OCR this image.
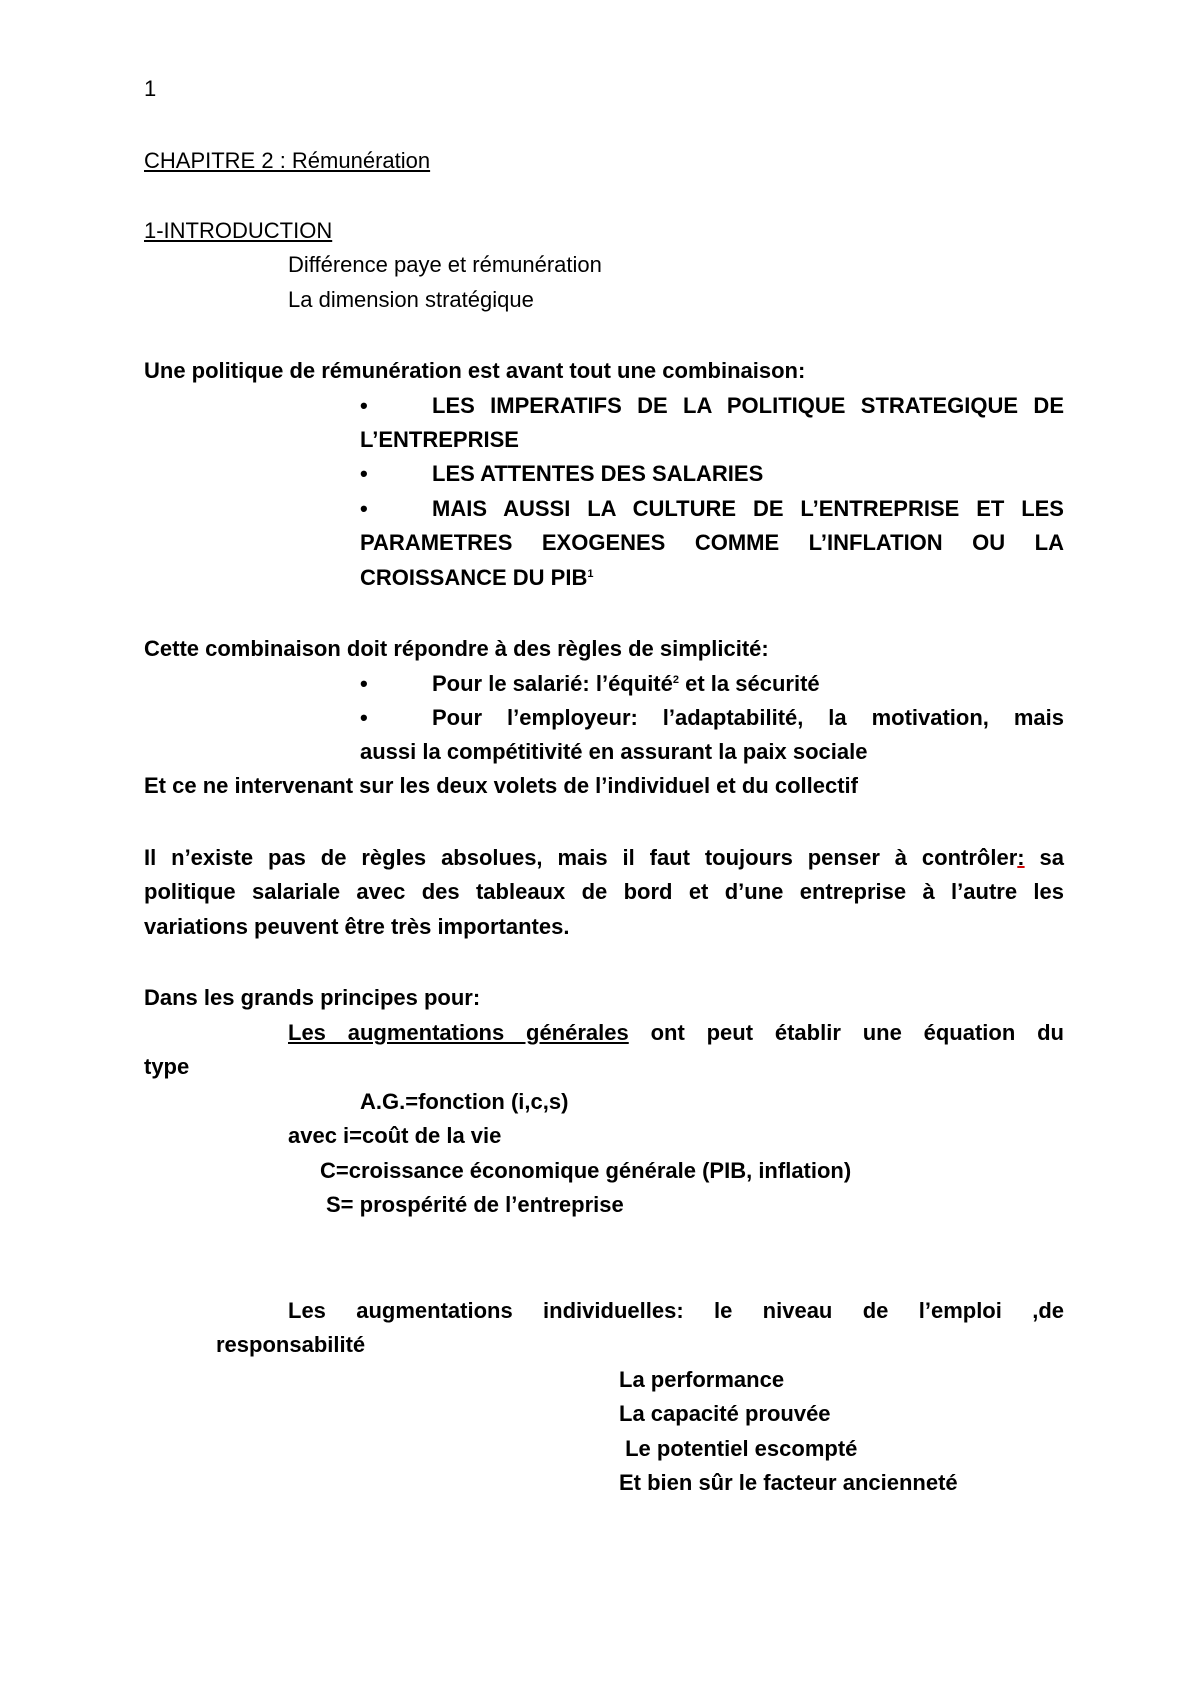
1
CHAPITRE 2 : Rémunération
1-INTRODUCTION
Différence paye et rémunération
La dimension stratégique
Une politique de rémunération est avant tout une combinaison:
•	LES IMPERATIFS DE LA POLITIQUE STRATEGIQUE DE
L’ENTREPRISE
•	LES ATTENTES DES SALARIES
•	MAIS AUSSI LA CULTURE DE L’ENTREPRISE ET LES
PARAMETRES EXOGENES COMME L’INFLATION OU LA
CROISSANCE DU PIB$^1$
Cette combinaison doit répondre à des règles de simplicité:
•	Pour le salarié: l’équité$^2$ et la sécurité
•	Pour l’employeur: l’adaptabilité, la motivation, mais
aussi la compétitivité en assurant la paix sociale
Et ce ne intervenant sur les deux volets de l’individuel et du collectif
Il n’existe pas de règles absolues, mais il faut toujours penser à contrôler: sa
politique salariale avec des tableaux de bord et d’une entreprise à l’autre les
variations peuvent être très importantes.
Dans les grands principes pour:
Les augmentations générales ont peut établir une équation du
type
A.G.=fonction (i,c,s)
avec i=coût de la vie
C=croissance économique générale (PIB, inflation)
S= prospérité de l’entreprise
Les augmentations individuelles: le niveau de l’emploi ,de
responsabilité
La performance
La capacité prouvée
Le potentiel escompté
Et bien sûr le facteur ancienneté
